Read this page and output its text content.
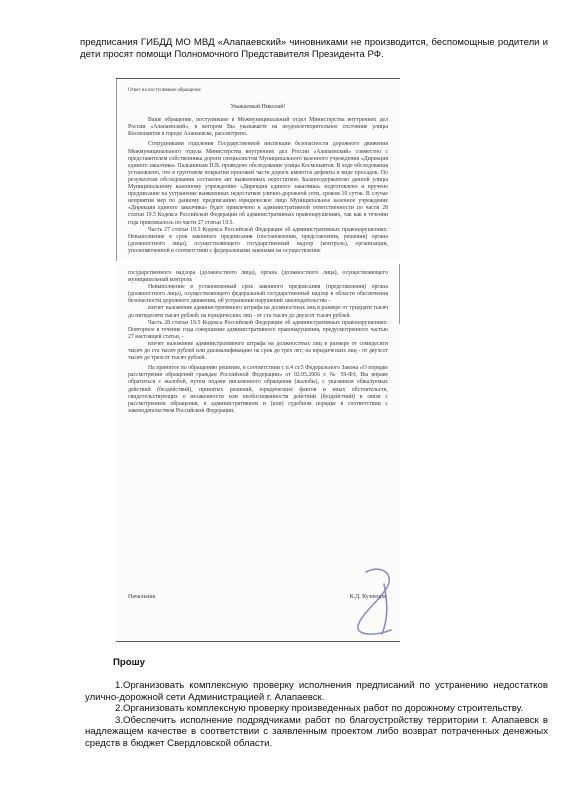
предписания ГИБДД МО МВД «Алапаевский» чиновниками не производится, беспомощные родители и дети просят помощи Полномочного Представителя Президента РФ.

Ответ на поступившее обращение

Уважаемый Николай!

Ваше обращение, поступившее в Межмуниципальный отдел Министерства внутренних дел России «Алапаевский», в котором Вы указываете на неудовлетворительное состояние улицы Космонавтов в городе Алапаевске, рассмотрено.

Сотрудниками отделения Государственной инспекции безопасности дорожного движения Межмуниципального отдела Министерства внутренних дел России «Алапаевский» совместно с представителем собственника дороги специалистом Муниципального казенного учреждения «Дирекция единого заказчика» Пальшиным П.В. проведено обследование улицы Космонавтов. В ходе обследования установлено, что в грунтовом покрытии проезжей части дороги имеются дефекты в виде просадок. По результатам обследования составлен акт выявленных недостатков. Балансодержателю данной улицы Муниципальному казенному учреждению «Дирекция единого заказчика» подготовлено и вручено предписание на устранение выявленных недостатков улично-дорожной сети, сроком 10 суток. В случае неприятия мер по данному предписанию юридическое лицо Муниципальное казенное учреждение «Дирекция единого заказчика» будет привлечено к административной ответственности по части 28 статьи 19.5 Кодекса Российской Федерации об административных правонарушениях, так как в течении года привлекалось по части 27 статьи 19.5.

Часть 27 статьи 19.5 Кодекса Российской Федерации об административных правонарушениях: Невыполнение в срок законного предписания (постановления, представления, решения) органа (должностного лица), осуществляющего государственный надзор (контроль), организации, уполномоченной в соответствии с федеральными законами на осуществление

государственного надзора (должностного лица), органа (должностного лица), осуществляющего муниципальный контроль

Невыполнение в установленный срок законного предписания (представления) органа (должностного лица), осуществляющего федеральный государственный надзор в области обеспечения безопасности дорожного движения, об устранении нарушений законодательства -

влечет наложение административного штрафа на должностных лиц в размере от тридцати тысяч до пятидесяти тысяч рублей; на юридических лиц - от ста тысяч до двухсот тысяч рублей.

Часть 28 статьи 19.5 Кодекса Российской Федерации об административных правонарушениях: Повторное в течение года совершение административного правонарушения, предусмотренного частью 27 настоящей статьи, -

влечет наложение административного штрафа на должностных лиц в размере от семидесяти тысяч до ста тысяч рублей или дисквалификацию на срок до трех лет; на юридических лиц - от двухсот тысяч до трехсот тысяч рублей.

На принятое по обращению решение, в соответствии с п.4 ст.5 Федерального Закона «О порядке рассмотрения обращений граждан Российской Федерации» от 02.05.2006 г. № 59-ФЗ, Вы вправе обратиться с жалобой, путем подачи письменного обращения (жалобы), с указанием обжалуемых действий (бездействий), принятых решений, юридических фактов и иных обстоятельств, свидетельствующих о незаконности или необоснованности действий (бездействий) в связи с рассмотрением обращения, в административном и (или) судебном порядке в соответствии с законодательством Российской Федерации.

Начальник	К.Д. Кузнецов

Прошу

1.Организовать комплексную проверку исполнения предписаний по устранению недостатков улично-дорожной сети Администрацией г. Алапаевск.

2.Организовать комплексную проверку произведенных работ по дорожному строительству.

3.Обеспечить исполнение подрядчиками работ по благоустройству территории г. Алапаевск в надлежащем качестве в соответствии с заявленным проектом либо возврат потраченных денежных средств в бюджет Свердловской области.
